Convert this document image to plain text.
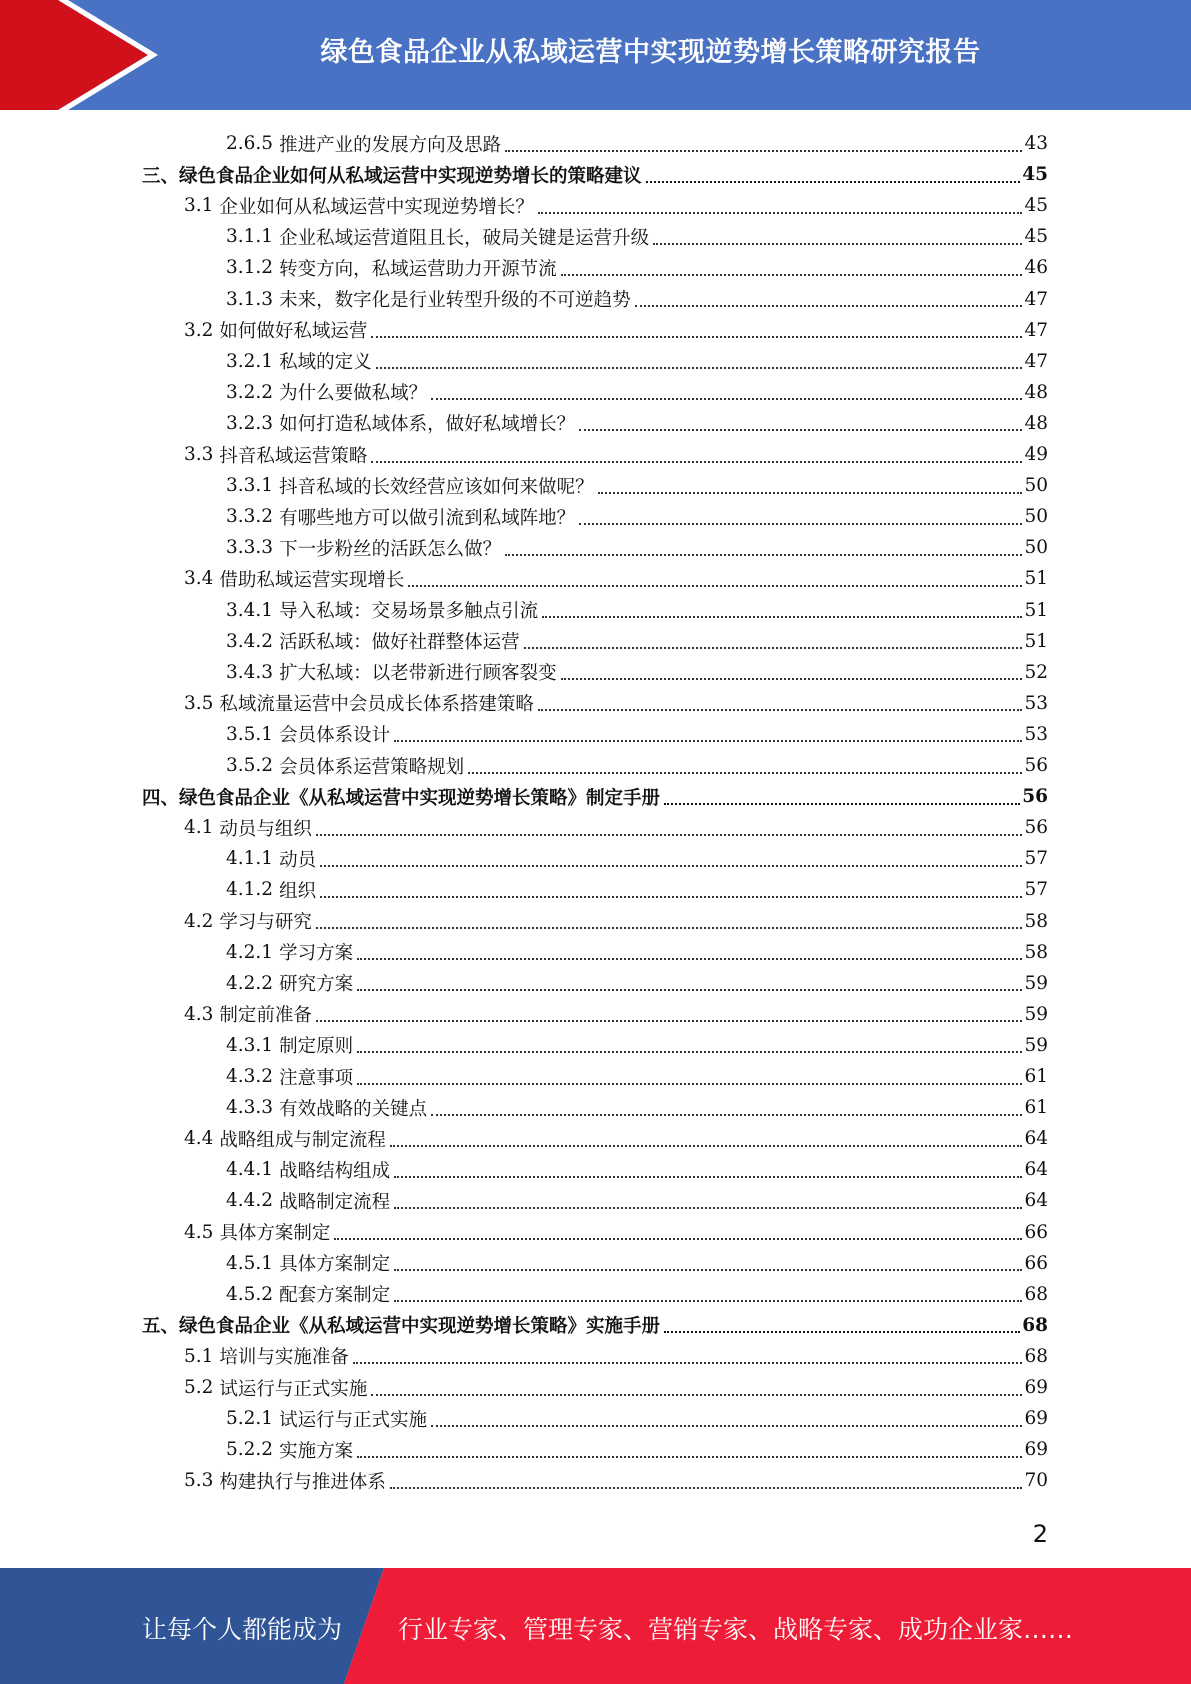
绿色食品企业从私域运营中实现逆势增长策略研究报告
2.6.5 推进产业的发展方向及思路	43
三、绿色食品企业如何从私域运营中实现逆势增长的策略建议	45
3.1 企业如何从私域运营中实现逆势增长？	45
3.1.1 企业私域运营道阻且长，破局关键是运营升级	45
3.1.2 转变方向，私域运营助力开源节流	46
3.1.3 未来，数字化是行业转型升级的不可逆趋势	47
3.2 如何做好私域运营	47
3.2.1 私域的定义	47
3.2.2 为什么要做私域？	48
3.2.3 如何打造私域体系，做好私域增长？	48
3.3 抖音私域运营策略	49
3.3.1 抖音私域的长效经营应该如何来做呢？	50
3.3.2 有哪些地方可以做引流到私域阵地？	50
3.3.3 下一步粉丝的活跃怎么做？	50
3.4 借助私域运营实现增长	51
3.4.1 导入私域：交易场景多触点引流	51
3.4.2 活跃私域：做好社群整体运营	51
3.4.3 扩大私域：以老带新进行顾客裂变	52
3.5 私域流量运营中会员成长体系搭建策略	53
3.5.1 会员体系设计	53
3.5.2 会员体系运营策略规划	56
四、绿色食品企业《从私域运营中实现逆势增长策略》制定手册	56
4.1 动员与组织	56
4.1.1 动员	57
4.1.2 组织	57
4.2 学习与研究	58
4.2.1 学习方案	58
4.2.2 研究方案	59
4.3 制定前准备	59
4.3.1 制定原则	59
4.3.2 注意事项	61
4.3.3 有效战略的关键点	61
4.4 战略组成与制定流程	64
4.4.1 战略结构组成	64
4.4.2 战略制定流程	64
4.5 具体方案制定	66
4.5.1 具体方案制定	66
4.5.2 配套方案制定	68
五、绿色食品企业《从私域运营中实现逆势增长策略》实施手册	68
5.1 培训与实施准备	68
5.2 试运行与正式实施	69
5.2.1 试运行与正式实施	69
5.2.2 实施方案	69
5.3 构建执行与推进体系	70
2
让每个人都能成为 行业专家、管理专家、营销专家、战略专家、成功企业家……
